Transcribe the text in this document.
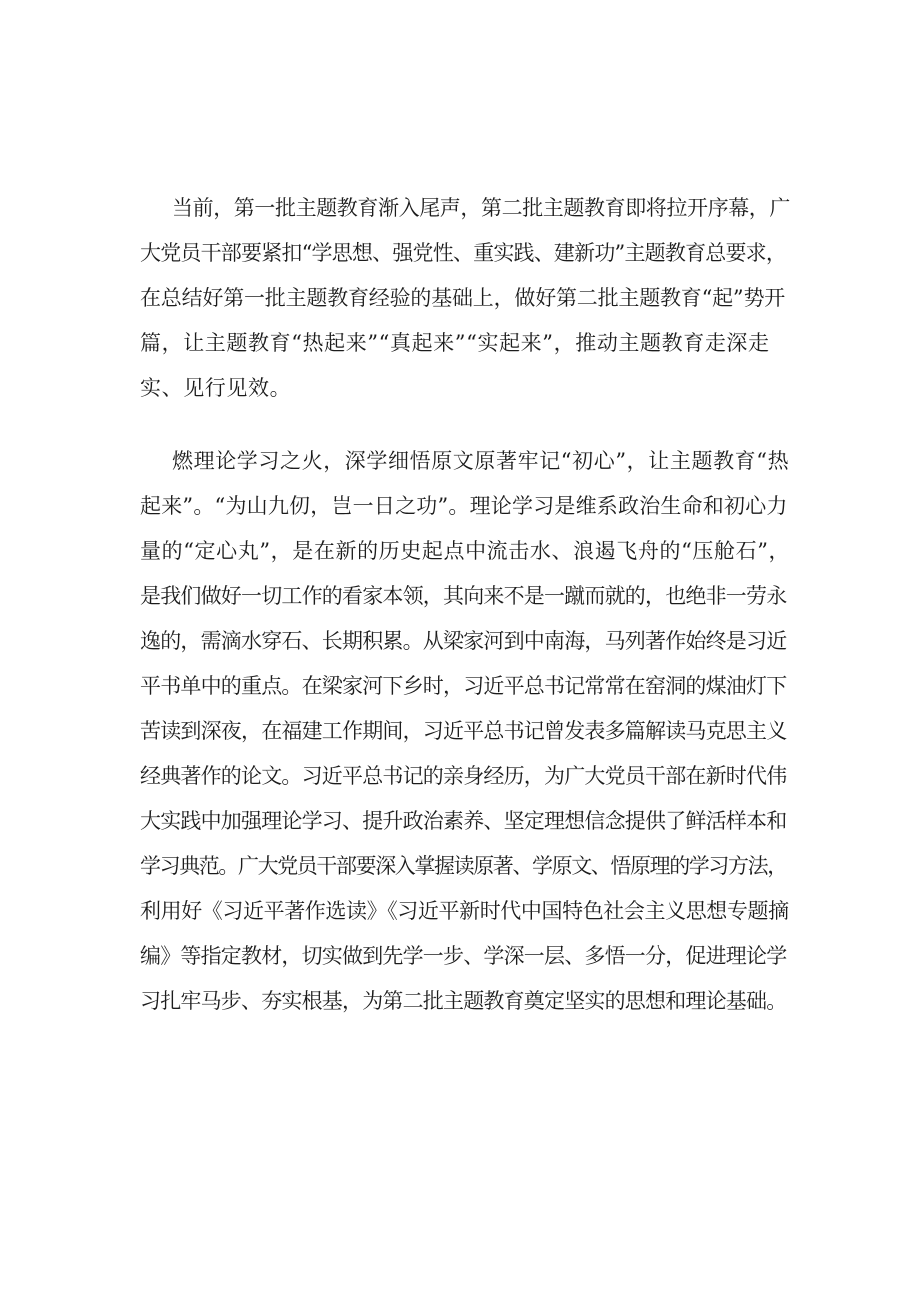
当前，第一批主题教育渐入尾声，第二批主题教育即将拉开序幕，广
大党员干部要紧扣“学思想、强党性、重实践、建新功”主题教育总要求，
在总结好第一批主题教育经验的基础上，做好第二批主题教育“起”势开
篇，让主题教育“热起来”“真起来”“实起来”，推动主题教育走深走
实、见行见效。

燃理论学习之火，深学细悟原文原著牢记“初心”，让主题教育“热
起来”。“为山九仞，岂一日之功”。理论学习是维系政治生命和初心力
量的“定心丸”，是在新的历史起点中流击水、浪遏飞舟的“压舱石”，
是我们做好一切工作的看家本领，其向来不是一蹴而就的，也绝非一劳永
逸的，需滴水穿石、长期积累。从梁家河到中南海，马列著作始终是习近
平书单中的重点。在梁家河下乡时，习近平总书记常常在窑洞的煤油灯下
苦读到深夜，在福建工作期间，习近平总书记曾发表多篇解读马克思主义
经典著作的论文。习近平总书记的亲身经历，为广大党员干部在新时代伟
大实践中加强理论学习、提升政治素养、坚定理想信念提供了鲜活样本和
学习典范。广大党员干部要深入掌握读原著、学原文、悟原理的学习方法，
利用好《习近平著作选读》《习近平新时代中国特色社会主义思想专题摘
编》等指定教材，切实做到先学一步、学深一层、多悟一分，促进理论学
习扎牢马步、夯实根基，为第二批主题教育奠定坚实的思想和理论基础。
